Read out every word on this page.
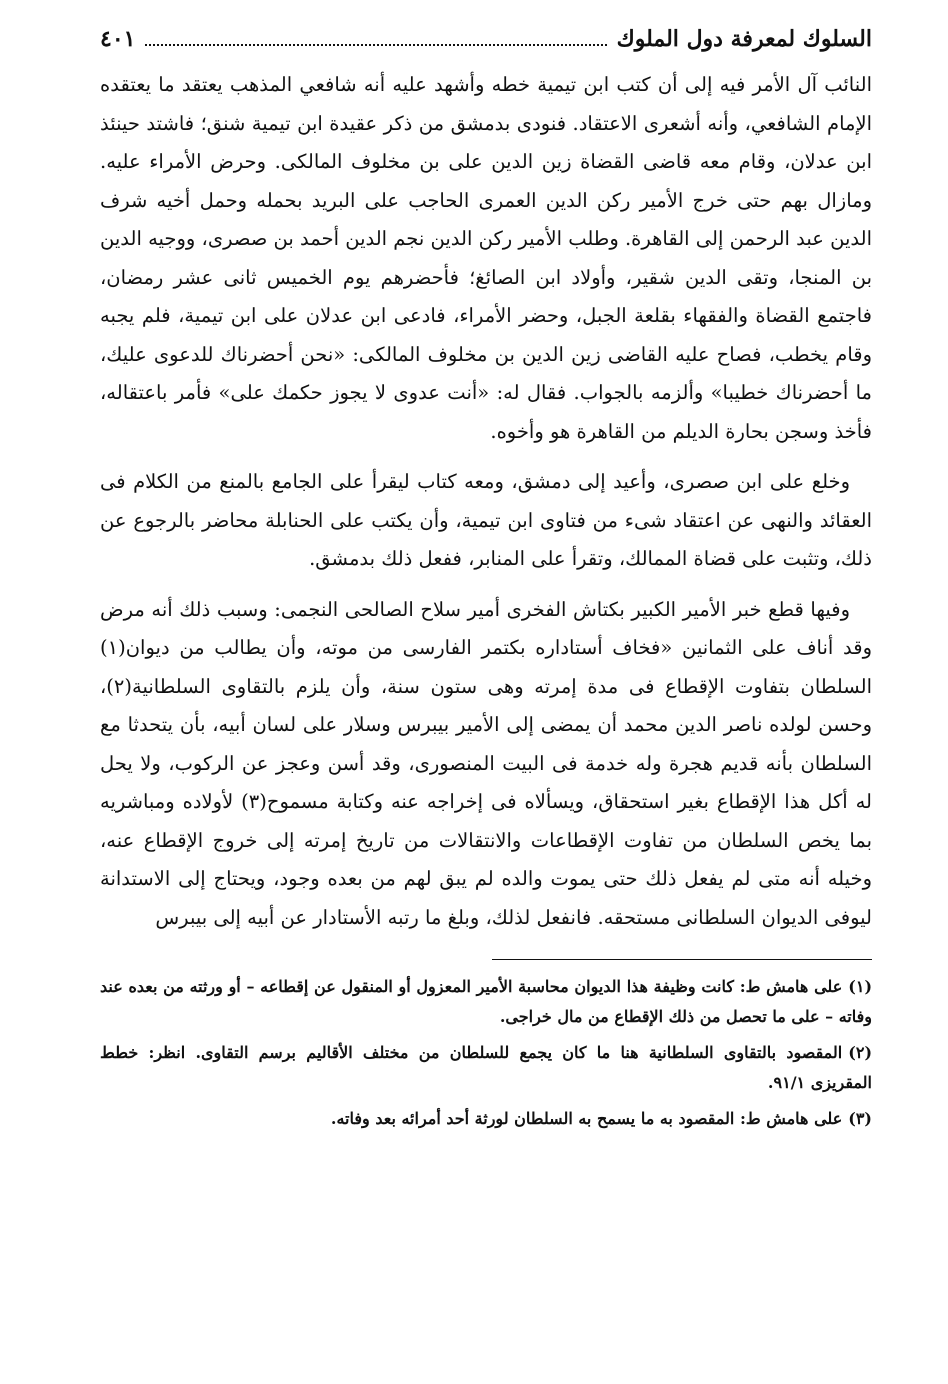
السلوك لمعرفة دول الملوك
٤٠١

النائب آل الأمر فيه إلى أن كتب ابن تيمية خطه وأشهد عليه أنه شافعي المذهب يعتقد ما يعتقده الإمام الشافعي، وأنه أشعرى الاعتقاد. فنودى بدمشق من ذكر عقيدة ابن تيمية شنق؛ فاشتد حينئذ ابن عدلان، وقام معه قاضى القضاة زين الدين على بن مخلوف المالكى. وحرض الأمراء عليه. ومازال بهم حتى خرج الأمير ركن الدين العمرى الحاجب على البريد بحمله وحمل أخيه شرف الدين عبد الرحمن إلى القاهرة. وطلب الأمير ركن الدين نجم الدين أحمد بن صصرى، ووجيه الدين بن المنجا، وتقى الدين شقير، وأولاد ابن الصائغ؛ فأحضرهم يوم الخميس ثانى عشر رمضان، فاجتمع القضاة والفقهاء بقلعة الجبل، وحضر الأمراء، فادعى ابن عدلان على ابن تيمية، فلم يجبه وقام يخطب، فصاح عليه القاضى زين الدين بن مخلوف المالكى: «نحن أحضرناك للدعوى عليك، ما أحضرناك خطيبا» وألزمه بالجواب. فقال له: «أنت عدوى لا يجوز حكمك على» فأمر باعتقاله، فأخذ وسجن بحارة الديلم من القاهرة هو وأخوه.

وخلع على ابن صصرى، وأعيد إلى دمشق، ومعه كتاب ليقرأ على الجامع بالمنع من الكلام فى العقائد والنهى عن اعتقاد شىء من فتاوى ابن تيمية، وأن يكتب على الحنابلة محاضر بالرجوع عن ذلك، وتثبت على قضاة الممالك، وتقرأ على المنابر، ففعل ذلك بدمشق.

وفيها قطع خبر الأمير الكبير بكتاش الفخرى أمير سلاح الصالحى النجمى: وسبب ذلك أنه مرض وقد أناف على الثمانين «فخاف أستاداره بكتمر الفارسى من موته، وأن يطالب من ديوان(١) السلطان بتفاوت الإقطاع فى مدة إمرته وهى ستون سنة، وأن يلزم بالتقاوى السلطانية(٢)، وحسن لولده ناصر الدين محمد أن يمضى إلى الأمير بيبرس وسلار على لسان أبيه، بأن يتحدثا مع السلطان بأنه قديم هجرة وله خدمة فى البيت المنصورى، وقد أسن وعجز عن الركوب، ولا يحل له أكل هذا الإقطاع بغير استحقاق، ويسألاه فى إخراجه عنه وكتابة مسموح(٣) لأولاده ومباشريه بما يخص السلطان من تفاوت الإقطاعات والانتقالات من تاريخ إمرته إلى خروج الإقطاع عنه، وخيله أنه متى لم يفعل ذلك حتى يموت والده لم يبق لهم من بعده وجود، ويحتاج إلى الاستدانة ليوفى الديوان السلطانى مستحقه. فانفعل لذلك، وبلغ ما رتبه الأستادار عن أبيه إلى بيبرس

(١)على هامش ط: كانت وظيفة هذا الديوان محاسبة الأمير المعزول أو المنقول عن إقطاعه – أو ورثته من بعده عند وفاته – على ما تحصل من ذلك الإقطاع من مال خراجى.

(٢)المقصود بالتقاوى السلطانية هنا ما كان يجمع للسلطان من مختلف الأقاليم برسم التقاوى. انظر: خطط المقريزى ٩١/١.

(٣)على هامش ط: المقصود به ما يسمح به السلطان لورثة أحد أمرائه بعد وفاته.
